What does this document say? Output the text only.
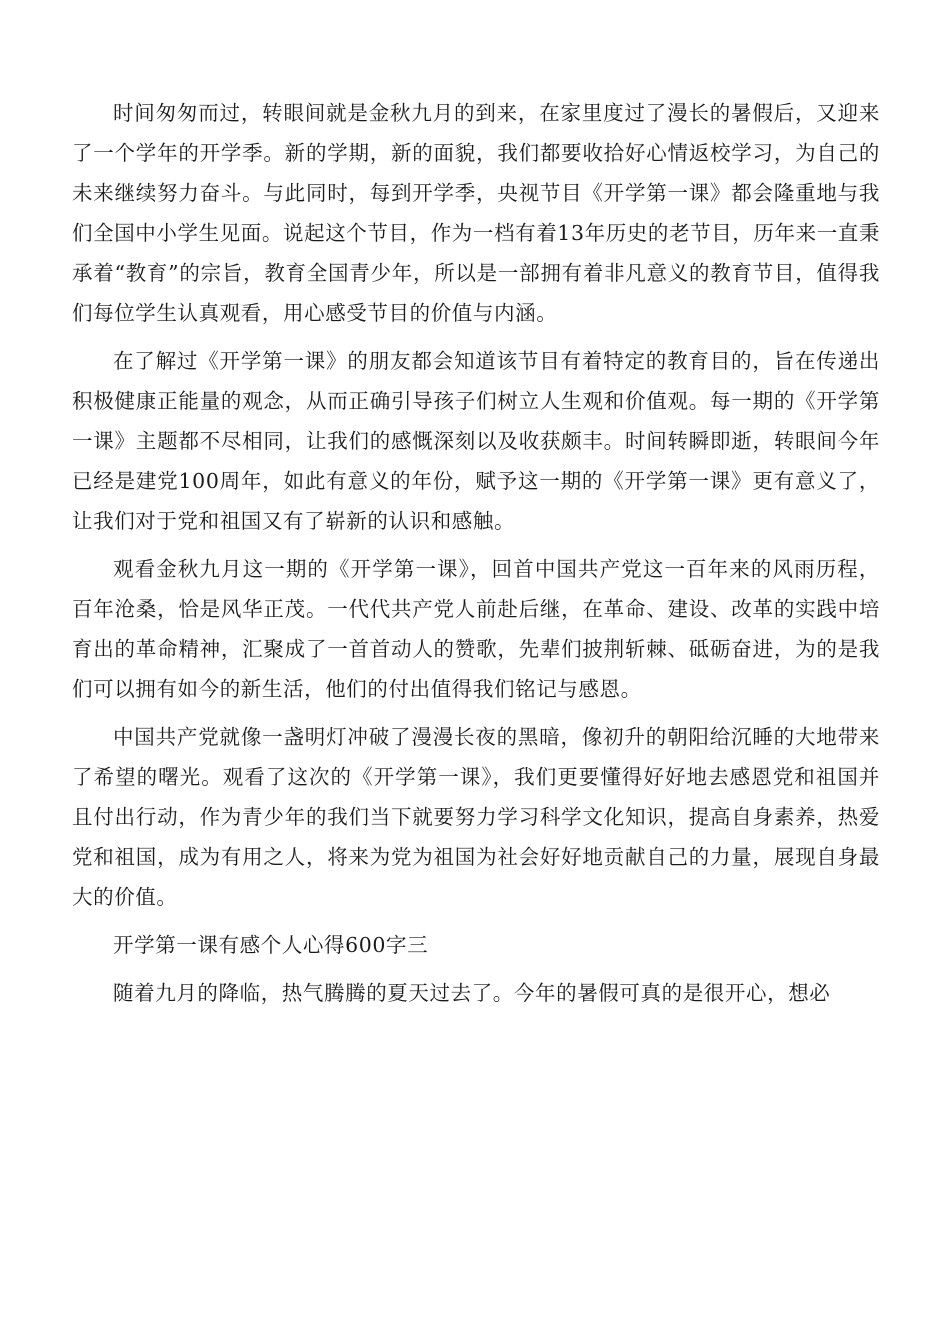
时间匆匆而过，转眼间就是金秋九月的到来，在家里度过了漫长的暑假后，又迎来了一个学年的开学季。新的学期，新的面貌，我们都要收拾好心情返校学习，为自己的未来继续努力奋斗。与此同时，每到开学季，央视节目《开学第一课》都会隆重地与我们全国中小学生见面。说起这个节目，作为一档有着13年历史的老节目，历年来一直秉承着“教育”的宗旨，教育全国青少年，所以是一部拥有着非凡意义的教育节目，值得我们每位学生认真观看，用心感受节目的价值与内涵。

在了解过《开学第一课》的朋友都会知道该节目有着特定的教育目的，旨在传递出积极健康正能量的观念，从而正确引导孩子们树立人生观和价值观。每一期的《开学第一课》主题都不尽相同，让我们的感慨深刻以及收获颇丰。时间转瞬即逝，转眼间今年已经是建党100周年，如此有意义的年份，赋予这一期的《开学第一课》更有意义了，让我们对于党和祖国又有了崭新的认识和感触。

观看金秋九月这一期的《开学第一课》，回首中国共产党这一百年来的风雨历程，百年沧桑，恰是风华正茂。一代代共产党人前赴后继，在革命、建设、改革的实践中培育出的革命精神，汇聚成了一首首动人的赞歌，先辈们披荆斩棘、砥砺奋进，为的是我们可以拥有如今的新生活，他们的付出值得我们铭记与感恩。

中国共产党就像一盏明灯冲破了漫漫长夜的黑暗，像初升的朝阳给沉睡的大地带来了希望的曙光。观看了这次的《开学第一课》，我们更要懂得好好地去感恩党和祖国并且付出行动，作为青少年的我们当下就要努力学习科学文化知识，提高自身素养，热爱党和祖国，成为有用之人，将来为党为祖国为社会好好地贡献自己的力量，展现自身最大的价值。

开学第一课有感个人心得600字三

随着九月的降临，热气腾腾的夏天过去了。今年的暑假可真的是很开心，想必
